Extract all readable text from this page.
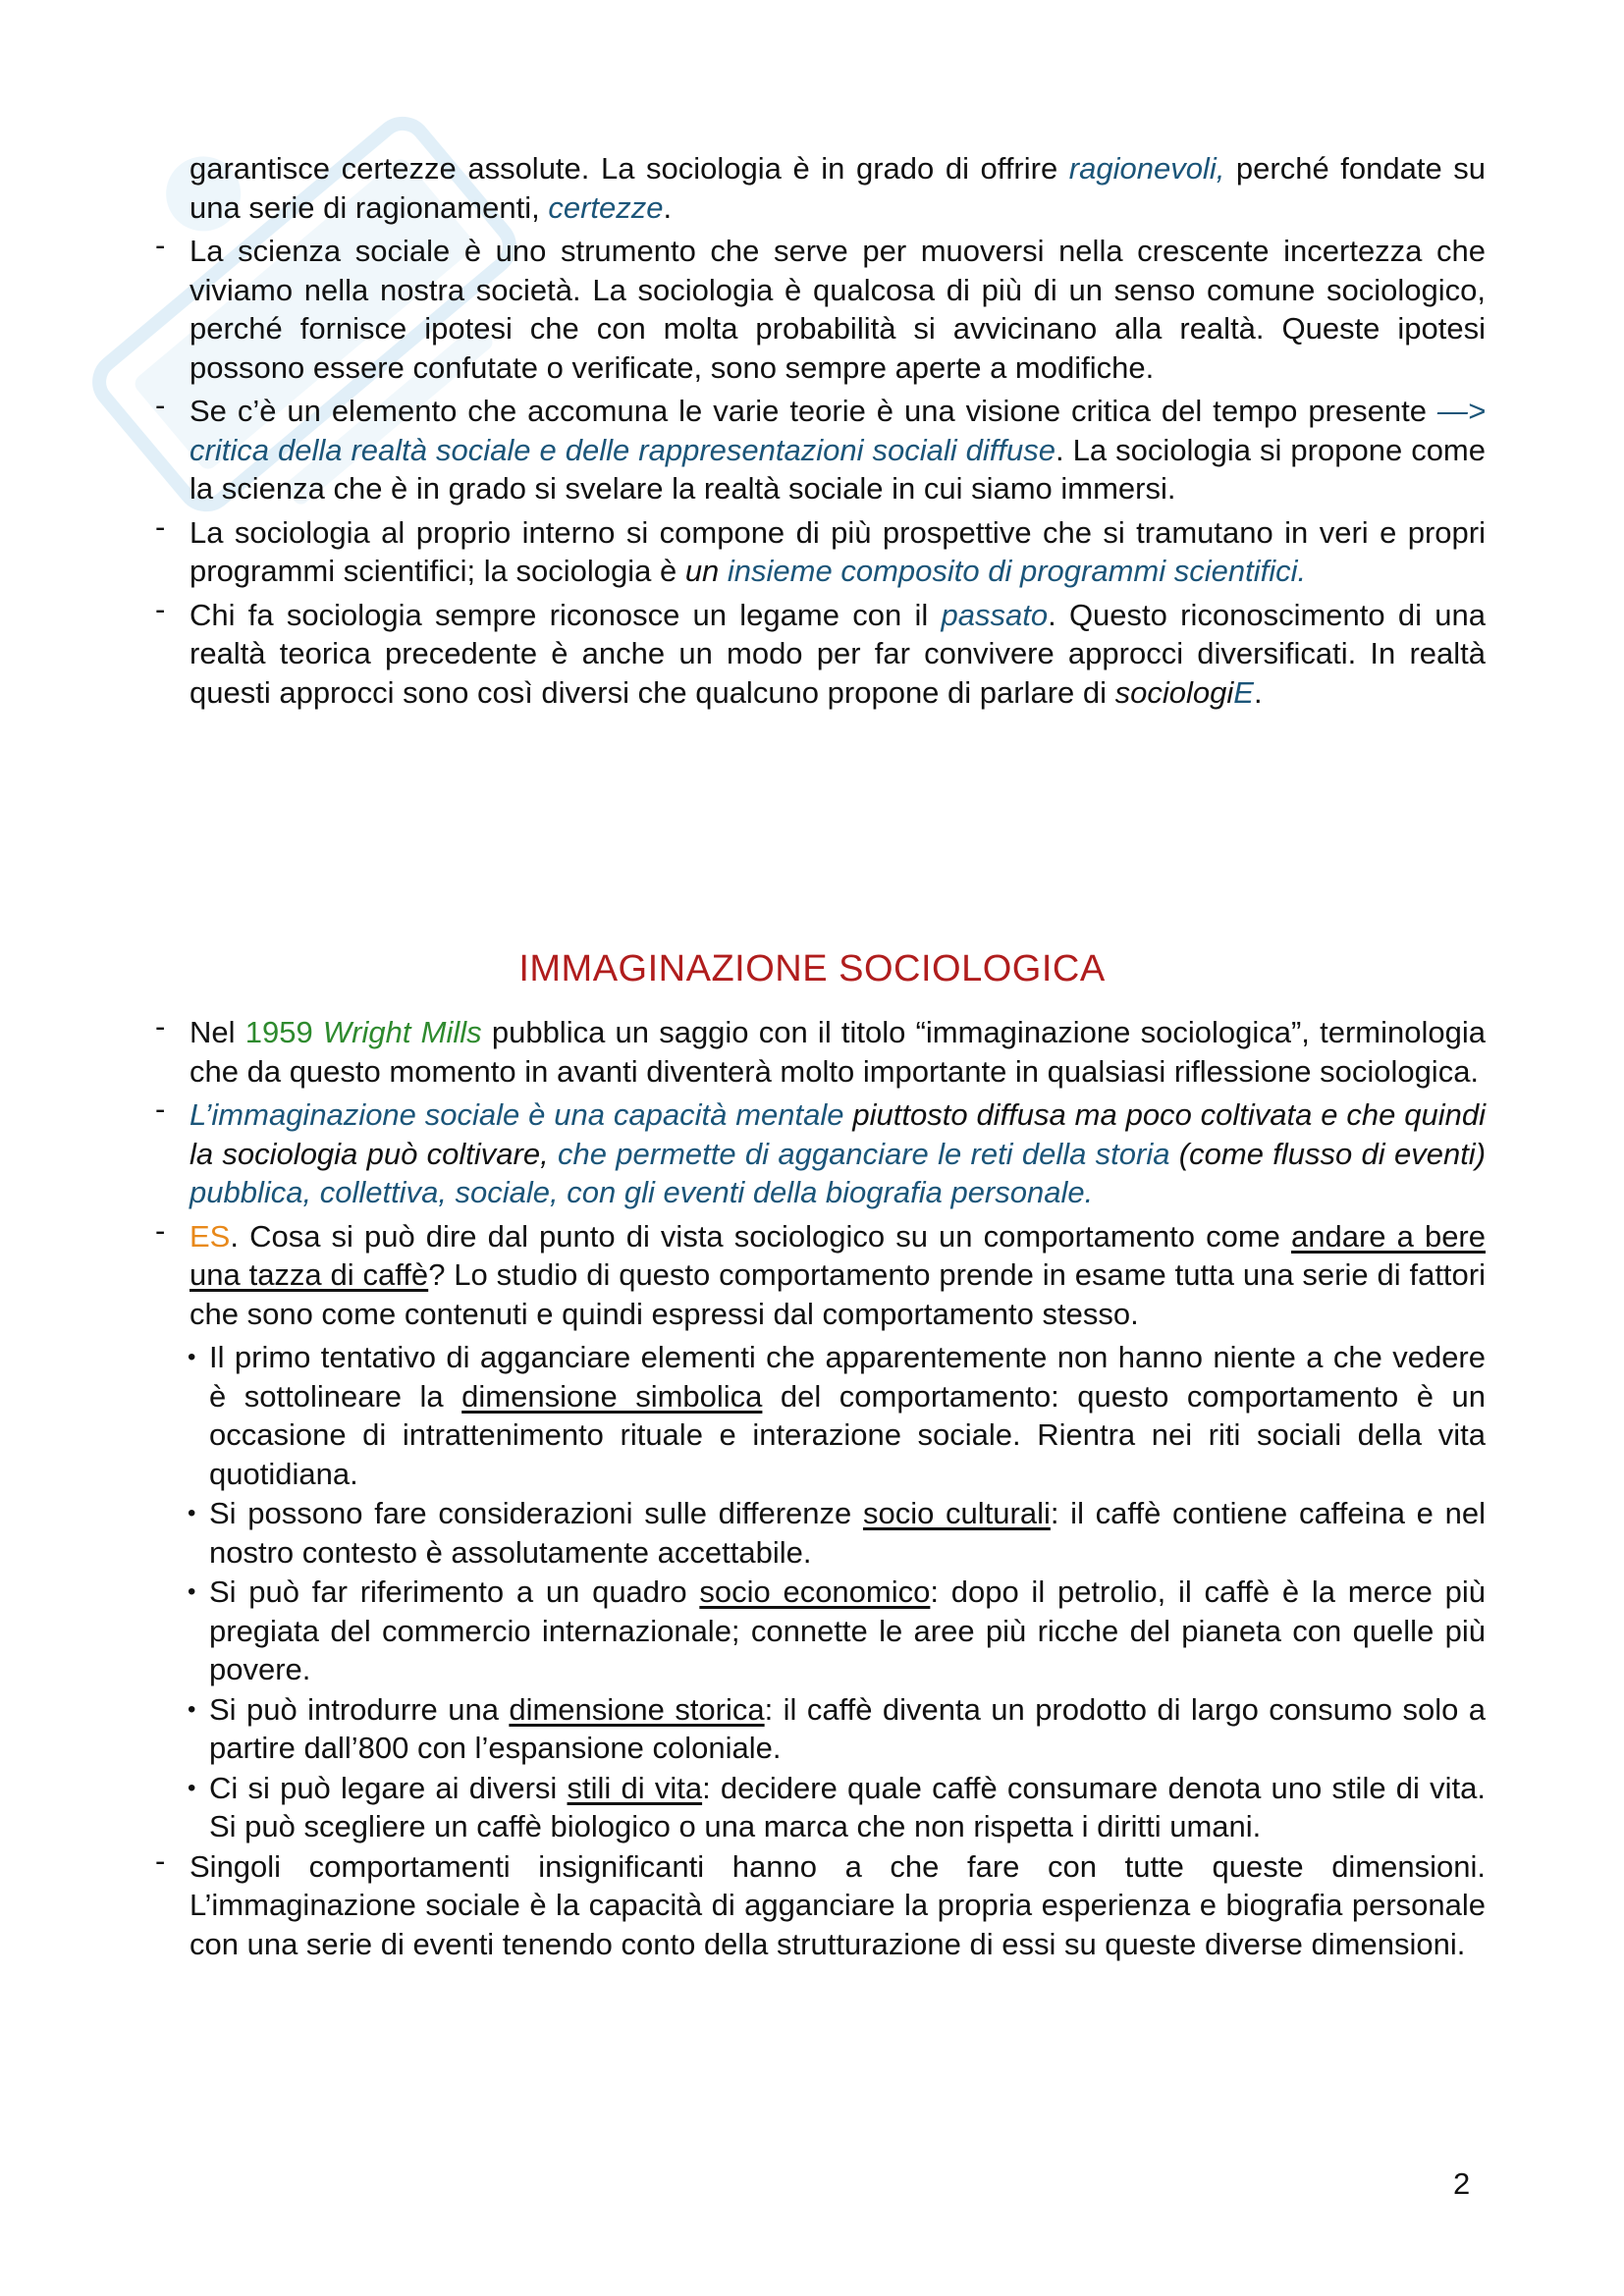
garantisce certezze assolute. La sociologia è in grado di offrire ragionevoli, perché fondate su una serie di ragionamenti, certezze.
- La scienza sociale è uno strumento che serve per muoversi nella crescente incertezza che viviamo nella nostra società. La sociologia è qualcosa di più di un senso comune sociologico, perché fornisce ipotesi che con molta probabilità si avvicinano alla realtà. Queste ipotesi possono essere confutate o verificate, sono sempre aperte a modifiche.
- Se c’è un elemento che accomuna le varie teorie è una visione critica del tempo presente —> critica della realtà sociale e delle rappresentazioni sociali diffuse. La sociologia si propone come la scienza che è in grado si svelare la realtà sociale in cui siamo immersi.
- La sociologia al proprio interno si compone di più prospettive che si tramutano in veri e propri programmi scientifici; la sociologia è un insieme composito di programmi scientifici.
- Chi fa sociologia sempre riconosce un legame con il passato. Questo riconoscimento di una realtà teorica precedente è anche un modo per far convivere approcci diversificati. In realtà questi approcci sono così diversi che qualcuno propone di parlare di sociologiE.
IMMAGINAZIONE SOCIOLOGICA
- Nel 1959 Wright Mills pubblica un saggio con il titolo “immaginazione sociologica”, terminologia che da questo momento in avanti diventerà molto importante in qualsiasi riflessione sociologica.
- L’immaginazione sociale è una capacità mentale piuttosto diffusa ma poco coltivata e che quindi la sociologia può coltivare, che permette di agganciare le reti della storia (come flusso di eventi) pubblica, collettiva, sociale, con gli eventi della biografia personale.
- ES. Cosa si può dire dal punto di vista sociologico su un comportamento come andare a bere una tazza di caffè? Lo studio di questo comportamento prende in esame tutta una serie di fattori che sono come contenuti e quindi espressi dal comportamento stesso.
• Il primo tentativo di agganciare elementi che apparentemente non hanno niente a che vedere è sottolineare la dimensione simbolica del comportamento: questo comportamento è un occasione di intrattenimento rituale e interazione sociale. Rientra nei riti sociali della vita quotidiana.
• Si possono fare considerazioni sulle differenze socio culturali: il caffè contiene caffeina e nel nostro contesto è assolutamente accettabile.
• Si può far riferimento a un quadro socio economico: dopo il petrolio, il caffè è la merce più pregiata del commercio internazionale; connette le aree più ricche del pianeta con quelle più povere.
• Si può introdurre una dimensione storica: il caffè diventa un prodotto di largo consumo solo a partire dall’800 con l’espansione coloniale.
• Ci si può legare ai diversi stili di vita: decidere quale caffè consumare denota uno stile di vita. Si può scegliere un caffè biologico o una marca che non rispetta i diritti umani.
- Singoli comportamenti insignificanti hanno a che fare con tutte queste dimensioni. L’immaginazione sociale è la capacità di agganciare la propria esperienza e biografia personale con una serie di eventi tenendo conto della strutturazione di essi su queste diverse dimensioni.
2
